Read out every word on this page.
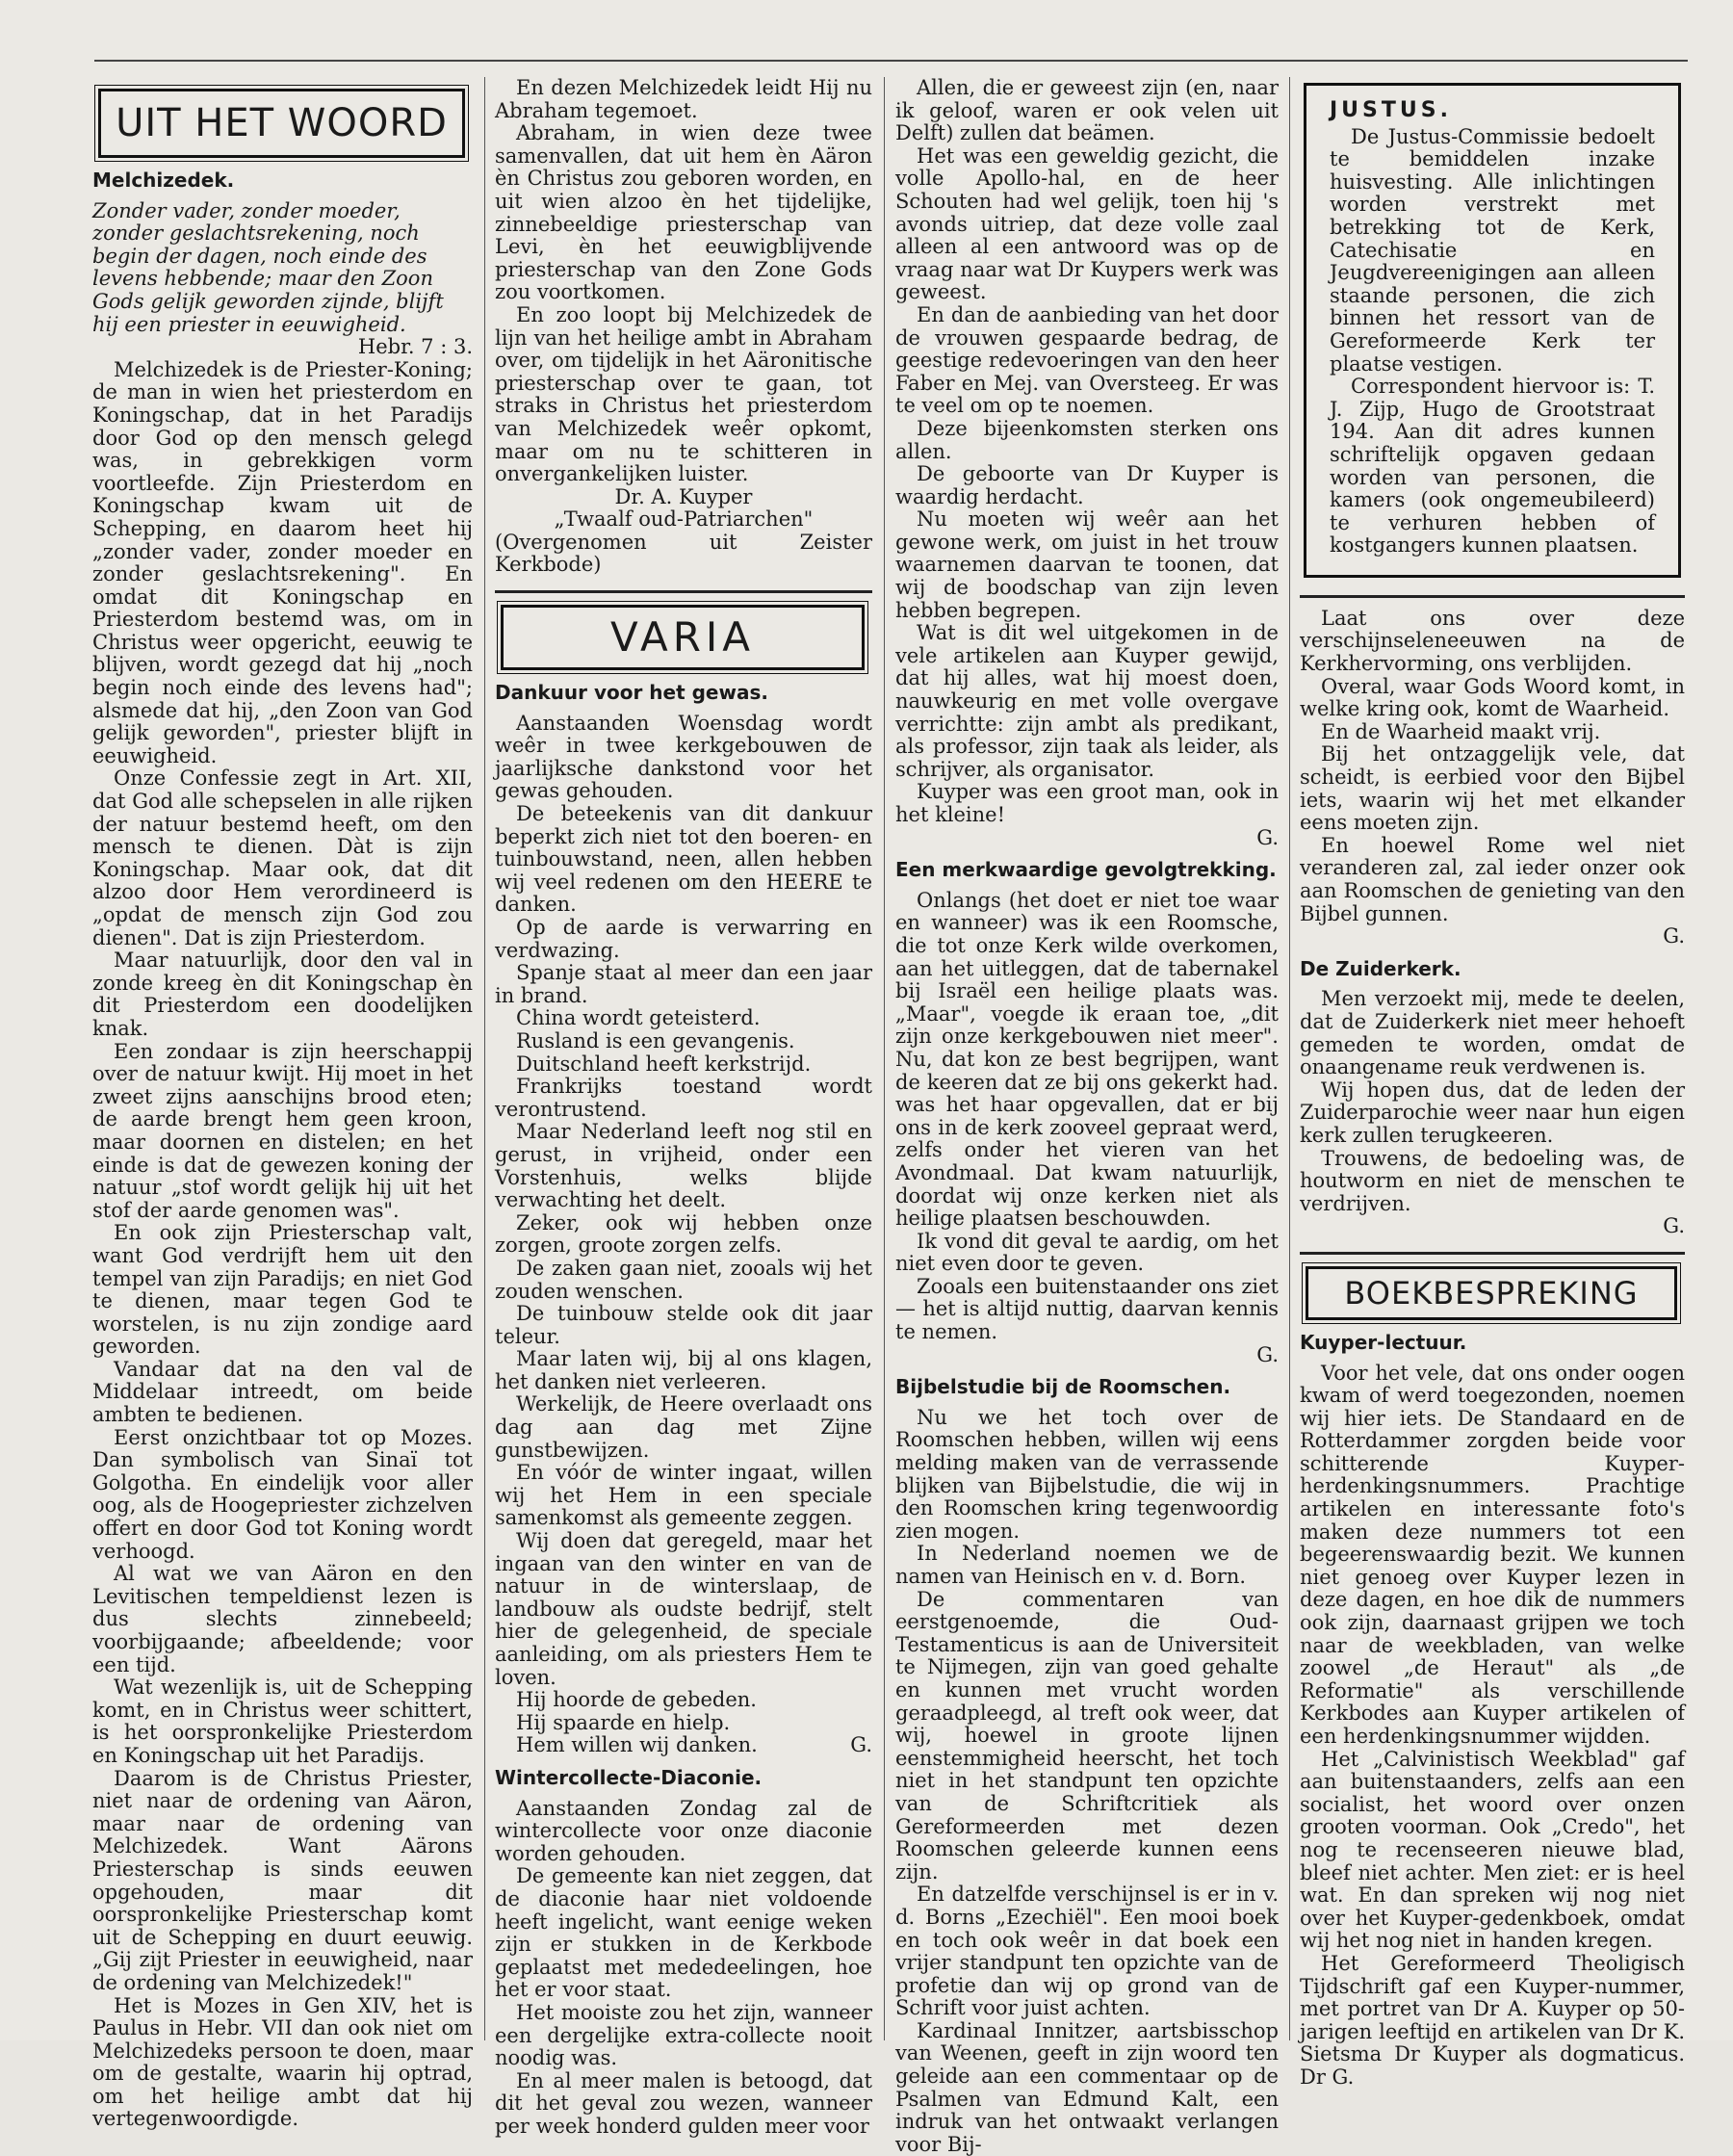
UIT HET WOORD
Melchizedek.

Zonder vader, zonder moeder, zonder geslachtsrekening, noch begin der dagen, noch einde des levens hebbende; maar den Zoon Gods gelijk geworden zijnde, blijft hij een priester in eeuwigheid.

Hebr. 7 : 3.

Melchizedek is de Priester-Koning; de man in wien het priesterdom en Koningschap, dat in het Paradijs door God op den mensch gelegd was, in gebrekkigen vorm voortleefde. Zijn Priesterdom en Koningschap kwam uit de Schepping, en daarom heet hij „zonder vader, zonder moeder en zonder geslachtsrekening". En omdat dit Koningschap en Priesterdom bestemd was, om in Christus weer opgericht, eeuwig te blijven, wordt gezegd dat hij „noch begin noch einde des levens had"; alsmede dat hij, „den Zoon van God gelijk geworden", priester blijft in eeuwigheid.

Onze Confessie zegt in Art. XII, dat God alle schepselen in alle rijken der natuur bestemd heeft, om den mensch te dienen. Dàt is zijn Koningschap. Maar ook, dat dit alzoo door Hem verordineerd is „opdat de mensch zijn God zou dienen". Dat is zijn Priesterdom.

Maar natuurlijk, door den val in zonde kreeg èn dit Koningschap èn dit Priesterdom een doodelijken knak.

Een zondaar is zijn heerschappij over de natuur kwijt. Hij moet in het zweet zijns aanschijns brood eten; de aarde brengt hem geen kroon, maar doornen en distelen; en het einde is dat de gewezen koning der natuur „stof wordt gelijk hij uit het stof der aarde genomen was".

En ook zijn Priesterschap valt, want God verdrijft hem uit den tempel van zijn Paradijs; en niet God te dienen, maar tegen God te worstelen, is nu zijn zondige aard geworden.

Vandaar dat na den val de Middelaar intreedt, om beide ambten te bedienen.

Eerst onzichtbaar tot op Mozes. Dan symbolisch van Sinaï tot Golgotha. En eindelijk voor aller oog, als de Hoogepriester zichzelven offert en door God tot Koning wordt verhoogd.

Al wat we van Aäron en den Levitischen tempeldienst lezen is dus slechts zinnebeeld; voorbijgaande; afbeeldende; voor een tijd.

Wat wezenlijk is, uit de Schepping komt, en in Christus weer schittert, is het oorspronkelijke Priesterdom en Koningschap uit het Paradijs.

Daarom is de Christus Priester, niet naar de ordening van Aäron, maar naar de ordening van Melchizedek. Want Aärons Priesterschap is sinds eeuwen opgehouden, maar dit oorspronkelijke Priesterschap komt uit de Schepping en duurt eeuwig. „Gij zijt Priester in eeuwigheid, naar de ordening van Melchizedek!"

Het is Mozes in Gen XIV, het is Paulus in Hebr. VII dan ook niet om Melchizedeks persoon te doen, maar om de gestalte, waarin hij optrad, om het heilige ambt dat hij vertegenwoordigde.

En dezen Melchizedek leidt Hij nu Abraham tegemoet.

Abraham, in wien deze twee samenvallen, dat uit hem èn Aäron èn Christus zou geboren worden, en uit wien alzoo èn het tijdelijke, zinnebeeldige priesterschap van Levi, èn het eeuwigblijvende priesterschap van den Zone Gods zou voortkomen.

En zoo loopt bij Melchizedek de lijn van het heilige ambt in Abraham over, om tijdelijk in het Aäronitische priesterschap over te gaan, tot straks in Christus het priesterdom van Melchizedek weêr opkomt, maar om nu te schitteren in onvergankelijken luister.

Dr. A. Kuyper

„Twaalf oud-Patriarchen"

(Overgenomen uit Zeister Kerkbode)

VARIA
Dankuur voor het gewas.

Aanstaanden Woensdag wordt weêr in twee kerkgebouwen de jaarlijksche dankstond voor het gewas gehouden.

De beteekenis van dit dankuur beperkt zich niet tot den boeren- en tuinbouwstand, neen, allen hebben wij veel redenen om den HEERE te danken.

Op de aarde is verwarring en verdwazing.

Spanje staat al meer dan een jaar in brand.

China wordt geteisterd.

Rusland is een gevangenis.

Duitschland heeft kerkstrijd.

Frankrijks toestand wordt verontrustend.

Maar Nederland leeft nog stil en gerust, in vrijheid, onder een Vorstenhuis, welks blijde verwachting het deelt.

Zeker, ook wij hebben onze zorgen, groote zorgen zelfs.

De zaken gaan niet, zooals wij het zouden wenschen.

De tuinbouw stelde ook dit jaar teleur.

Maar laten wij, bij al ons klagen, het danken niet verleeren.

Werkelijk, de Heere overlaadt ons dag aan dag met Zijne gunstbewijzen.

En vóór de winter ingaat, willen wij het Hem in een speciale samenkomst als gemeente zeggen.

Wij doen dat geregeld, maar het ingaan van den winter en van de natuur in de winterslaap, de landbouw als oudste bedrijf, stelt hier de gelegenheid, de speciale aanleiding, om als priesters Hem te loven.

Hij hoorde de gebeden.

Hij spaarde en hielp.

Hem willen wij danken.	G.

Wintercollecte-Diaconie.

Aanstaanden Zondag zal de wintercollecte voor onze diaconie worden gehouden.

De gemeente kan niet zeggen, dat de diaconie haar niet voldoende heeft ingelicht, want eenige weken zijn er stukken in de Kerkbode geplaatst met mededeelingen, hoe het er voor staat.

Het mooiste zou het zijn, wanneer een dergelijke extra-collecte nooit noodig was.

En al meer malen is betoogd, dat dit het geval zou wezen, wanneer per week honderd gulden meer voor

Allen, die er geweest zijn (en, naar ik geloof, waren er ook velen uit Delft) zullen dat beämen.

Het was een geweldig gezicht, die volle Apollo-hal, en de heer Schouten had wel gelijk, toen hij 's avonds uitriep, dat deze volle zaal alleen al een antwoord was op de vraag naar wat Dr Kuypers werk was geweest.

En dan de aanbieding van het door de vrouwen gespaarde bedrag, de geestige redevoeringen van den heer Faber en Mej. van Oversteeg. Er was te veel om op te noemen.

Deze bijeenkomsten sterken ons allen.

De geboorte van Dr Kuyper is waardig herdacht.

Nu moeten wij weêr aan het gewone werk, om juist in het trouw waarnemen daarvan te toonen, dat wij de boodschap van zijn leven hebben begrepen.

Wat is dit wel uitgekomen in de vele artikelen aan Kuyper gewijd, dat hij alles, wat hij moest doen, nauwkeurig en met volle overgave verrichtte: zijn ambt als predikant, als professor, zijn taak als leider, als schrijver, als organisator.

Kuyper was een groot man, ook in het kleine!

G.

Een merkwaardige gevolgtrekking.

Onlangs (het doet er niet toe waar en wanneer) was ik een Roomsche, die tot onze Kerk wilde overkomen, aan het uitleggen, dat de tabernakel bij Israël een heilige plaats was. „Maar", voegde ik eraan toe, „dit zijn onze kerkgebouwen niet meer". Nu, dat kon ze best begrijpen, want de keeren dat ze bij ons gekerkt had. was het haar opgevallen, dat er bij ons in de kerk zooveel gepraat werd, zelfs onder het vieren van het Avondmaal. Dat kwam natuurlijk, doordat wij onze kerken niet als heilige plaatsen beschouwden.

Ik vond dit geval te aardig, om het niet even door te geven.

Zooals een buitenstaander ons ziet — het is altijd nuttig, daarvan kennis te nemen.

G.

Bijbelstudie bij de Roomschen.

Nu we het toch over de Roomschen hebben, willen wij eens melding maken van de verrassende blijken van Bijbelstudie, die wij in den Roomschen kring tegenwoordig zien mogen.

In Nederland noemen we de namen van Heinisch en v. d. Born.

De commentaren van eerstgenoemde, die Oud-Testamenticus is aan de Universiteit te Nijmegen, zijn van goed gehalte en kunnen met vrucht worden geraadpleegd, al treft ook weer, dat wij, hoewel in groote lijnen eenstemmigheid heerscht, het toch niet in het standpunt ten opzichte van de Schriftcritiek als Gereformeerden met dezen Roomschen geleerde kunnen eens zijn.

En datzelfde verschijnsel is er in v. d. Borns „Ezechiël". Een mooi boek en toch ook weêr in dat boek een vrijer standpunt ten opzichte van de profetie dan wij op grond van de Schrift voor juist achten.

Kardinaal Innitzer, aartsbisschop van Weenen, geeft in zijn woord ten geleide aan een commentaar op de Psalmen van Edmund Kalt, een indruk van het ontwaakt verlangen voor Bij-

JUSTUS.

De Justus-Commissie bedoelt te bemiddelen inzake huisvesting. Alle inlichtingen worden verstrekt met betrekking tot de Kerk, Catechisatie en Jeugdvereenigingen aan alleen staande personen, die zich binnen het ressort van de Gereformeerde Kerk ter plaatse vestigen.

Correspondent hiervoor is: T. J. Zijp, Hugo de Grootstraat 194. Aan dit adres kunnen schriftelijk opgaven gedaan worden van personen, die kamers (ook ongemeubileerd) te verhuren hebben of kostgangers kunnen plaatsen.

Laat ons over deze verschijnseleneeuwen na de Kerkhervorming, ons verblijden.

Overal, waar Gods Woord komt, in welke kring ook, komt de Waarheid.

En de Waarheid maakt vrij.

Bij het ontzaggelijk vele, dat scheidt, is eerbied voor den Bijbel iets, waarin wij het met elkander eens moeten zijn.

En hoewel Rome wel niet veranderen zal, zal ieder onzer ook aan Roomschen de genieting van den Bijbel gunnen.

G.

De Zuiderkerk.

Men verzoekt mij, mede te deelen, dat de Zuiderkerk niet meer hehoeft gemeden te worden, omdat de onaangename reuk verdwenen is.

Wij hopen dus, dat de leden der Zuiderparochie weer naar hun eigen kerk zullen terugkeeren.

Trouwens, de bedoeling was, de houtworm en niet de menschen te verdrijven.

G.

BOEKBESPREKING
Kuyper-lectuur.

Voor het vele, dat ons onder oogen kwam of werd toegezonden, noemen wij hier iets. De Standaard en de Rotterdammer zorgden beide voor schitterende Kuyper-herdenkingsnummers. Prachtige artikelen en interessante foto's maken deze nummers tot een begeerenswaardig bezit. We kunnen niet genoeg over Kuyper lezen in deze dagen, en hoe dik de nummers ook zijn, daarnaast grijpen we toch naar de weekbladen, van welke zoowel „de Heraut" als „de Reformatie" als verschillende Kerkbodes aan Kuyper artikelen of een herdenkingsnummer wijdden.

Het „Calvinistisch Weekblad" gaf aan buitenstaanders, zelfs aan een socialist, het woord over onzen grooten voorman. Ook „Credo", het nog te recenseeren nieuwe blad, bleef niet achter. Men ziet: er is heel wat. En dan spreken wij nog niet over het Kuyper-gedenkboek, omdat wij het nog niet in handen kregen.

Het Gereformeerd Theoligisch Tijdschrift gaf een Kuyper-nummer, met portret van Dr A. Kuyper op 50-jarigen leeftijd en artikelen van Dr K. Sietsma Dr Kuyper als dogmaticus. Dr G.
